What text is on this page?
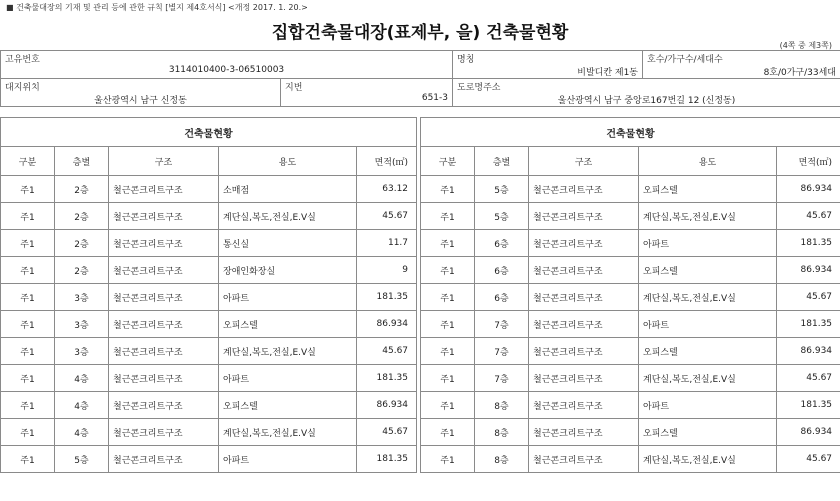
■ 건축물대장의 기재 및 관리 등에 관한 규칙 [별지 제4호서식] <개정 2017. 1. 20.>
집합건축물대장(표제부, 을) 건축물현황
(4쪽 중 제3쪽)
고유번호
3114010400-3-06510003		명칭
비발디칸 제1동	호수/가구수/세대수
8호/0가구/33세대

대지위치
울산광역시 남구 신정동	지번
651-3	도로명주소
울산광역시 남구 중앙로167번길 12 (신정동)	
건축물현황						건축물현황				
구분	층별	구조	용도	면적(㎡)		구분	층별	구조	용도	면적(㎡)
주1	2층	철근콘크리트구조	소매점	63.12		주1	5층	철근콘크리트구조	오피스텔	86.934
주1	2층	철근콘크리트구조	계단실,복도,전실,E.V실	45.67		주1	5층	철근콘크리트구조	계단실,복도,전실,E.V실	45.67
주1	2층	철근콘크리트구조	통신실	11.7		주1	6층	철근콘크리트구조	아파트	181.35
주1	2층	철근콘크리트구조	장애인화장실	9		주1	6층	철근콘크리트구조	오피스텔	86.934
주1	3층	철근콘크리트구조	아파트	181.35		주1	6층	철근콘크리트구조	계단실,복도,전실,E.V실	45.67
주1	3층	철근콘크리트구조	오피스텔	86.934		주1	7층	철근콘크리트구조	아파트	181.35
주1	3층	철근콘크리트구조	계단실,복도,전실,E.V실	45.67		주1	7층	철근콘크리트구조	오피스텔	86.934
주1	4층	철근콘크리트구조	아파트	181.35		주1	7층	철근콘크리트구조	계단실,복도,전실,E.V실	45.67
주1	4층	철근콘크리트구조	오피스텔	86.934		주1	8층	철근콘크리트구조	아파트	181.35
주1	4층	철근콘크리트구조	계단실,복도,전실,E.V실	45.67		주1	8층	철근콘크리트구조	오피스텔	86.934
주1	5층	철근콘크리트구조	아파트	181.35		주1	8층	철근콘크리트구조	계단실,복도,전실,E.V실	45.67
